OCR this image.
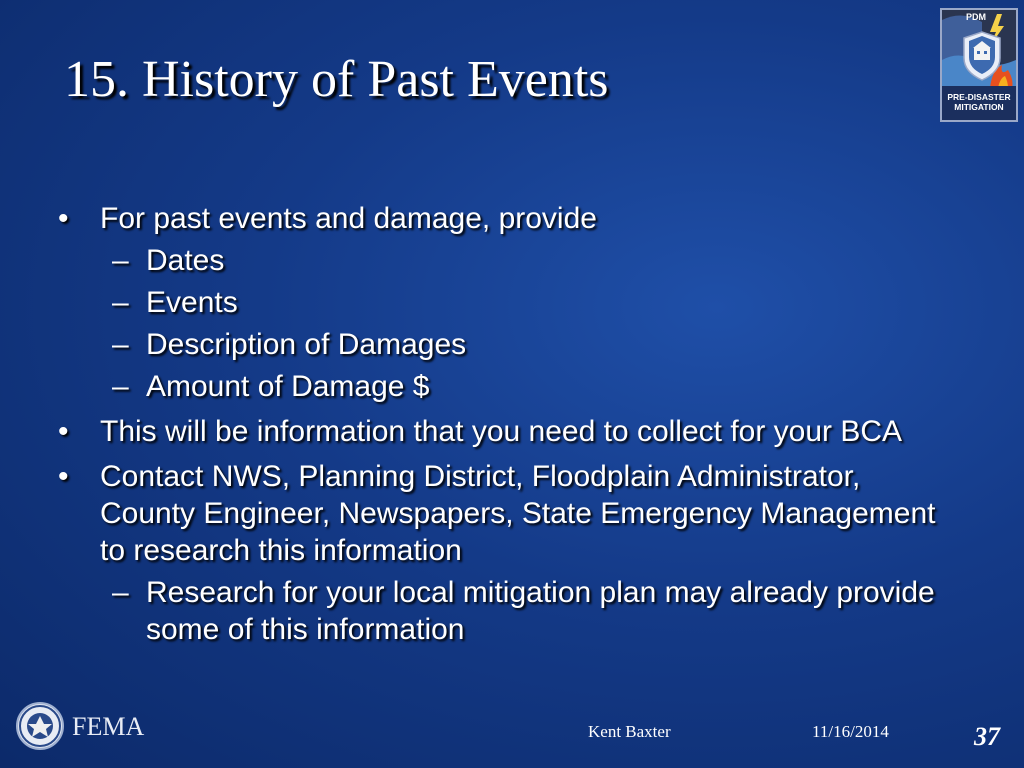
15. History of Past Events
PDM
PRE-DISASTER
MITIGATION
• For past events and damage, provide
– Dates
– Events
– Description of Damages
– Amount of Damage $
• This will be information that you need to collect for your BCA
• Contact NWS, Planning District, Floodplain Administrator, County Engineer, Newspapers, State Emergency Management to research this information
– Research for your local mitigation plan may already provide some of this information
FEMA	Kent Baxter	11/16/2014	37
